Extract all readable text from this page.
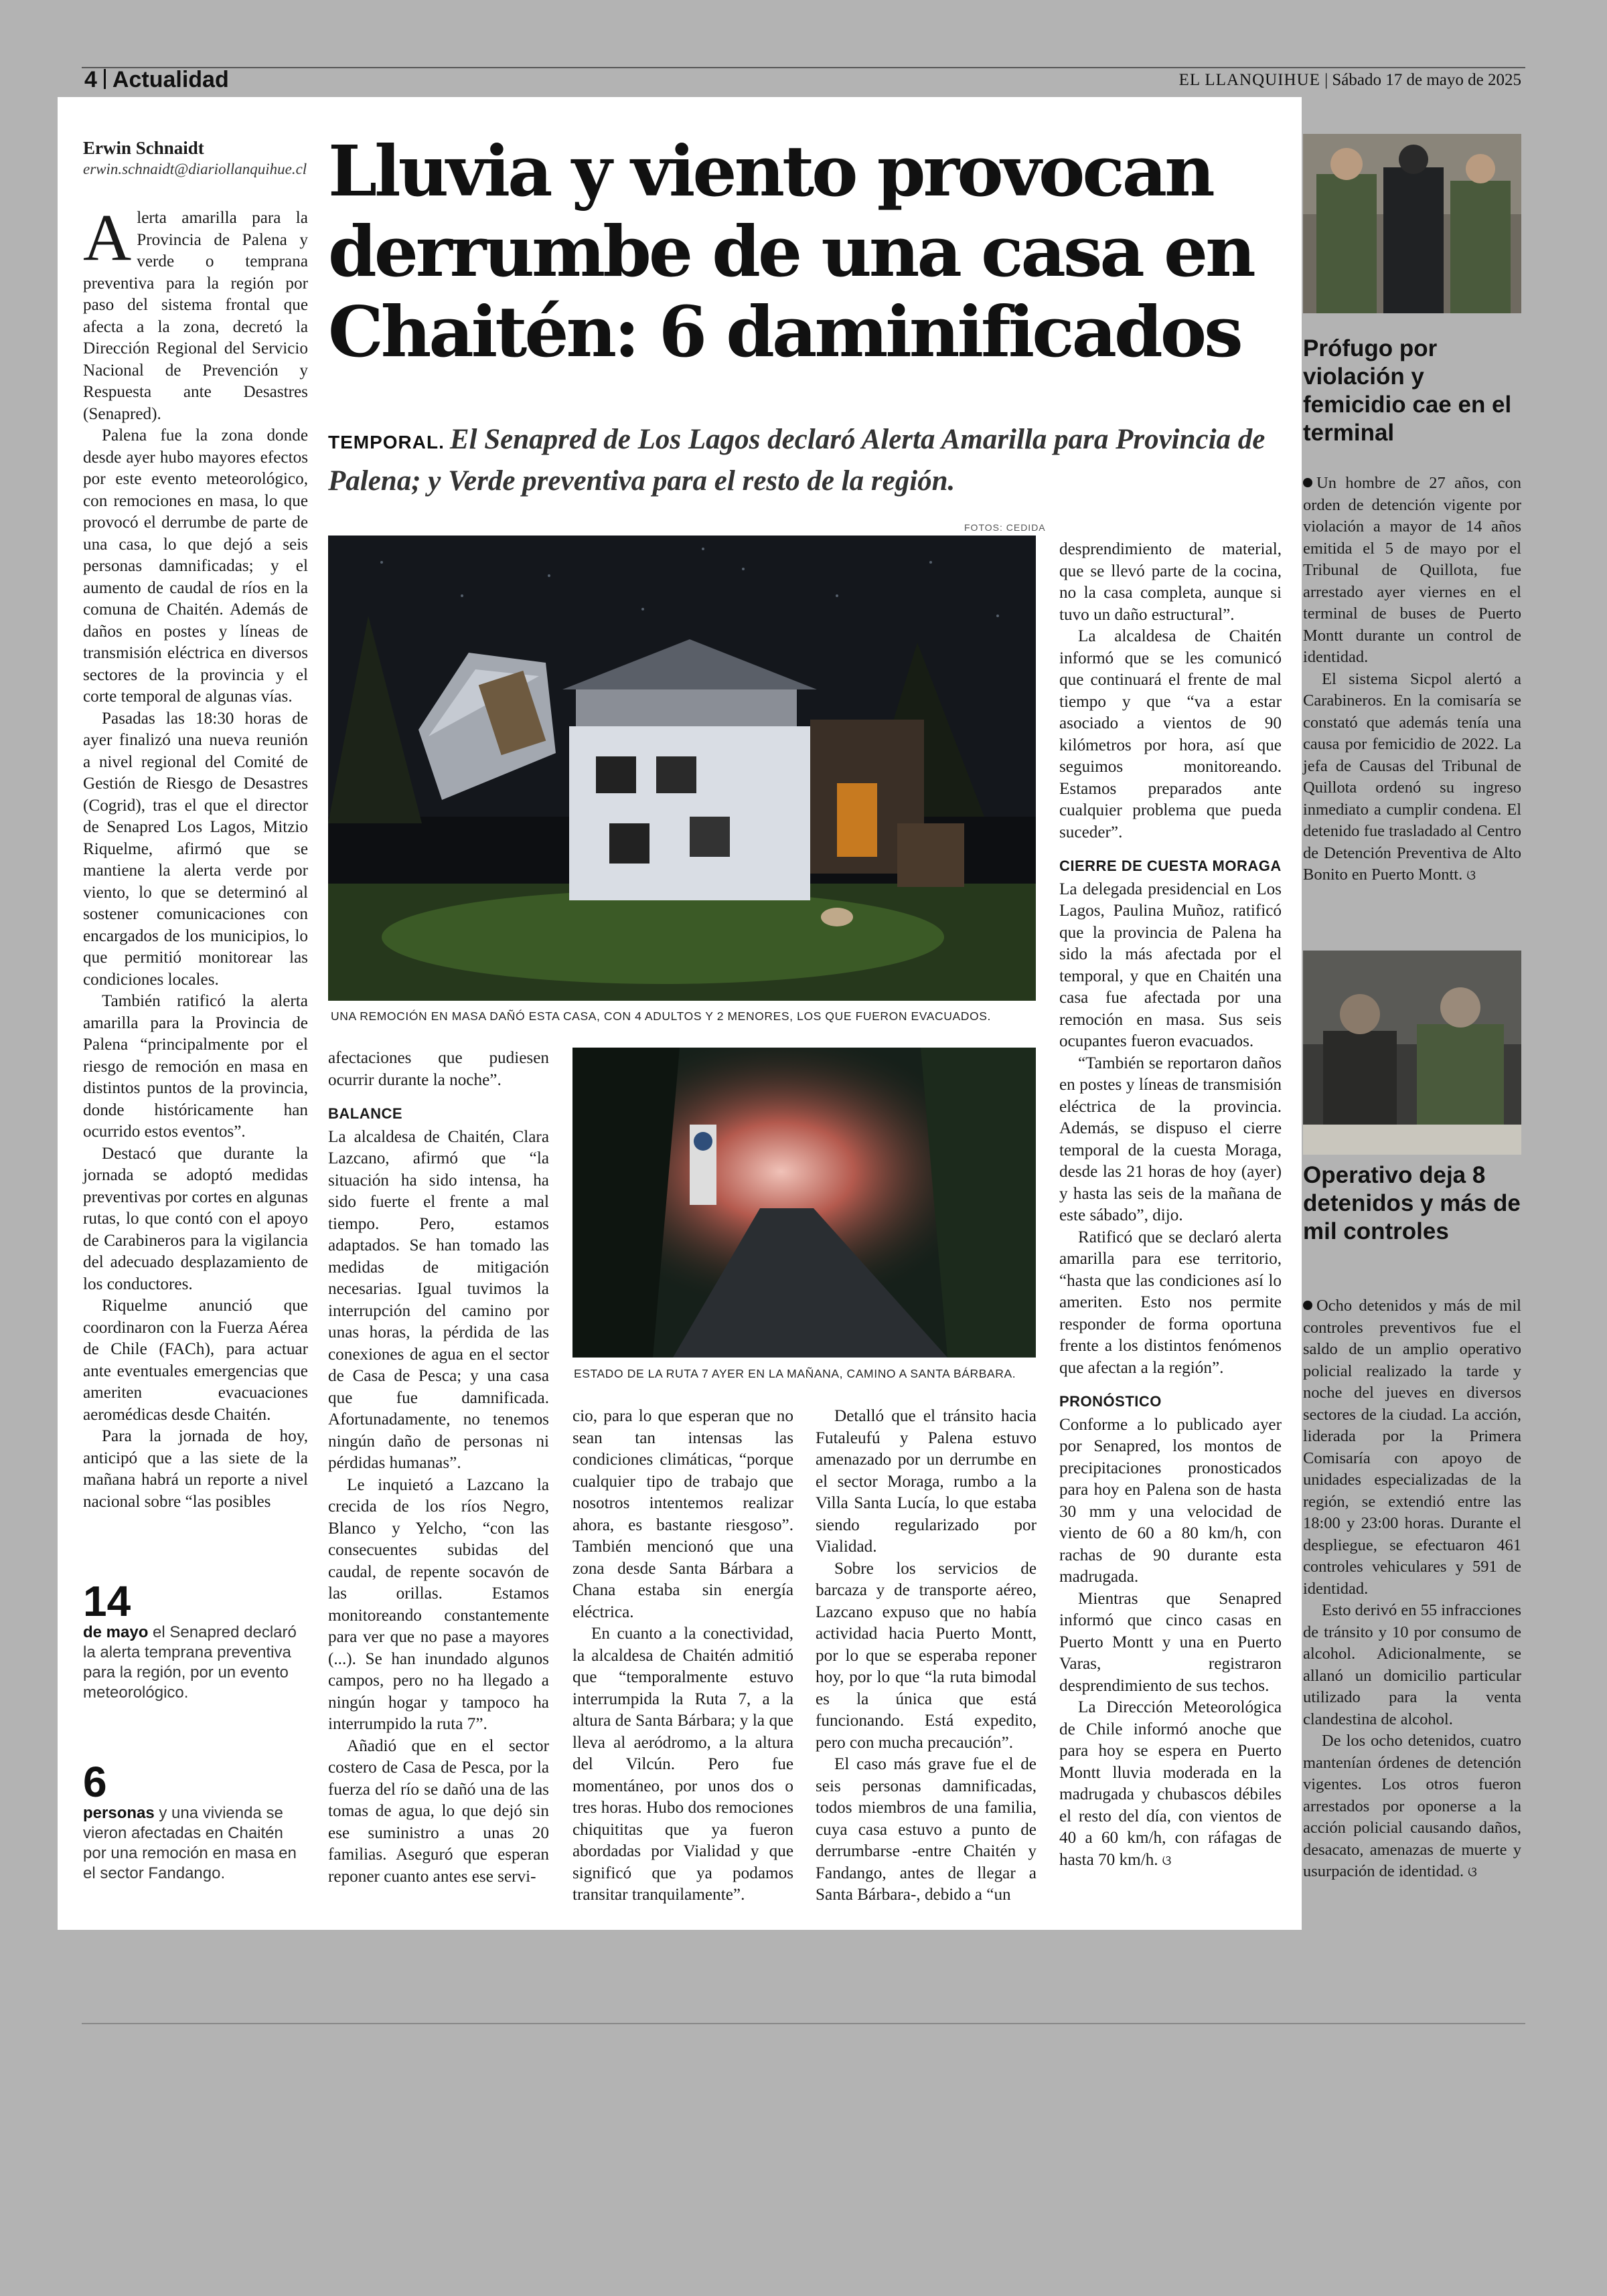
4 Actualidad	EL LLANQUIHUE | Sábado 17 de mayo de 2025
Erwin Schnaidt
erwin.schnaidt@diariollanquihue.cl Lluvia y viento provocan derrumbe de una casa en Chaitén: 6 daminificados
TEMPORAL. El Senapred de Los Lagos declaró Alerta Amarilla para Provincia de Palena; y Verde preventiva para el resto de la región.
FOTOS: CEDIDA

Alerta amarilla para la Provincia de Palena y verde o temprana preventiva para la región por paso del sistema frontal que afecta a la zona, decretó la Dirección Regional del Servicio Nacional de Prevención y Respuesta ante Desastres (Senapred).

Palena fue la zona donde desde ayer hubo mayores efectos por este evento meteorológico, con remociones en masa, lo que provocó el derrumbe de parte de una casa, lo que dejó a seis personas damnificadas; y el aumento de caudal de ríos en la comuna de Chaitén. Además de daños en postes y líneas de transmisión eléctrica en diversos sectores de la provincia y el corte temporal de algunas vías.

Pasadas las 18:30 horas de ayer finalizó una nueva reunión a nivel regional del Comité de Gestión de Riesgo de Desastres (Cogrid), tras el que el director de Senapred Los Lagos, Mitzio Riquelme, afirmó que se mantiene la alerta verde por viento, lo que se determinó al sostener comunicaciones con encargados de los municipios, lo que permitió monitorear las condiciones locales.

También ratificó la alerta amarilla para la Provincia de Palena “principalmente por el riesgo de remoción en masa en distintos puntos de la provincia, donde históricamente han ocurrido estos eventos”.

Destacó que durante la jornada se adoptó medidas preventivas por cortes en algunas rutas, lo que contó con el apoyo de Carabineros para la vigilancia del adecuado desplazamiento de los conductores.

Riquelme anunció que coordinaron con la Fuerza Aérea de Chile (FACh), para actuar ante eventuales emergencias que ameriten evacuaciones aeromédicas desde Chaitén.

Para la jornada de hoy, anticipó que a las siete de la mañana habrá un reporte a nivel nacional sobre “las posibles

14
de mayo el Senapred declaró la alerta temprana preventiva para la región, por un evento meteorológico.
6
personas y una vivienda se vieron afectadas en Chaitén por una remoción en masa en el sector Fandango.
UNA REMOCIÓN EN MASA DAÑÓ ESTA CASA, CON 4 ADULTOS Y 2 MENORES, LOS QUE FUERON EVACUADOS.

afectaciones que pudiesen ocurrir durante la noche”.

BALANCE

La alcaldesa de Chaitén, Clara Lazcano, afirmó que “la situación ha sido intensa, ha sido fuerte el frente a mal tiempo. Pero, estamos adaptados. Se han tomado las medidas de mitigación necesarias. Igual tuvimos la interrupción del camino por unas horas, la pérdida de las conexiones de agua en el sector de Casa de Pesca; y una casa que fue damnificada. Afortunadamente, no tenemos ningún daño de personas ni pérdidas humanas”.

Le inquietó a Lazcano la crecida de los ríos Negro, Blanco y Yelcho, “con las consecuentes subidas del caudal, de repente socavón de las orillas. Estamos monitoreando constantemente para ver que no pase a mayores (...). Se han inundado algunos campos, pero no ha llegado a ningún hogar y tampoco ha interrumpido la ruta 7”.

Añadió que en el sector costero de Casa de Pesca, por la fuerza del río se dañó una de las tomas de agua, lo que dejó sin ese suministro a unas 20 familias. Aseguró que esperan reponer cuanto antes ese servi-

ESTADO DE LA RUTA 7 AYER EN LA MAÑANA, CAMINO A SANTA BÁRBARA.

cio, para lo que esperan que no sean tan intensas las condiciones climáticas, “porque cualquier tipo de trabajo que nosotros intentemos realizar ahora, es bastante riesgoso”. También mencionó que una zona desde Santa Bárbara a Chana estaba sin energía eléctrica.

En cuanto a la conectividad, la alcaldesa de Chaitén admitió que “temporalmente estuvo interrumpida la Ruta 7, a la altura de Santa Bárbara; y la que lleva al aeródromo, a la altura del Vilcún. Pero fue momentáneo, por unos dos o tres horas. Hubo dos remociones chiquititas que ya fueron abordadas por Vialidad y que significó que ya podamos transitar tranquilamente”.

Detalló que el tránsito hacia Futaleufú y Palena estuvo amenazado por un derrumbe en el sector Moraga, rumbo a la Villa Santa Lucía, lo que estaba siendo regularizado por Vialidad.

Sobre los servicios de barcaza y de transporte aéreo, Lazcano expuso que no había actividad hacia Puerto Montt, por lo que se esperaba reponer hoy, por lo que “la ruta bimodal es la única que está funcionando. Está expedito, pero con mucha precaución”.

El caso más grave fue el de seis personas damnificadas, todos miembros de una familia, cuya casa estuvo a punto de derrumbarse -entre Chaitén y Fandango, antes de llegar a Santa Bárbara-, debido a “un

desprendimiento de material, que se llevó parte de la cocina, no la casa completa, aunque si tuvo un daño estructural”.

La alcaldesa de Chaitén informó que se les comunicó que continuará el frente de mal tiempo y que “va a estar asociado a vientos de 90 kilómetros por hora, así que seguimos monitoreando. Estamos preparados ante cualquier problema que pueda suceder”.

CIERRE DE CUESTA MORAGA

La delegada presidencial en Los Lagos, Paulina Muñoz, ratificó que la provincia de Palena ha sido la más afectada por el temporal, y que en Chaitén una casa fue afectada por una remoción en masa. Sus seis ocupantes fueron evacuados.

“También se reportaron daños en postes y líneas de transmisión eléctrica de la provincia. Además, se dispuso el cierre temporal de la cuesta Moraga, desde las 21 horas de hoy (ayer) y hasta las seis de la mañana de este sábado”, dijo.

Ratificó que se declaró alerta amarilla para ese territorio, “hasta que las condiciones así lo ameriten. Esto nos permite responder de forma oportuna frente a los distintos fenómenos que afectan a la región”.

PRONÓSTICO

Conforme a lo publicado ayer por Senapred, los montos de precipitaciones pronosticados para hoy en Palena son de hasta 30 mm y una velocidad de viento de 60 a 80 km/h, con rachas de 90 durante esta madrugada.

Mientras que Senapred informó que cinco casas en Puerto Montt y una en Puerto Varas, registraron desprendimiento de sus techos.

La Dirección Meteorológica de Chile informó anoche que para hoy se espera en Puerto Montt lluvia moderada en la madrugada y chubascos débiles el resto del día, con vientos de 40 a 60 km/h, con ráfagas de hasta 70 km/h. ଓ

Prófugo por violación y femicidio cae en el terminal

Un hombre de 27 años, con orden de detención vigente por violación a mayor de 14 años emitida el 5 de mayo por el Tribunal de Quillota, fue arrestado ayer viernes en el terminal de buses de Puerto Montt durante un control de identidad.

El sistema Sicpol alertó a Carabineros. En la comisaría se constató que además tenía una causa por femicidio de 2022. La jefa de Causas del Tribunal de Quillota ordenó su ingreso inmediato a cumplir condena. El detenido fue trasladado al Centro de Detención Preventiva de Alto Bonito en Puerto Montt. ଓ

Operativo deja 8 detenidos y más de mil controles

Ocho detenidos y más de mil controles preventivos fue el saldo de un amplio operativo policial realizado la tarde y noche del jueves en diversos sectores de la ciudad. La acción, liderada por la Primera Comisaría con apoyo de unidades especializadas de la región, se extendió entre las 18:00 y 23:00 horas. Durante el despliegue, se efectuaron 461 controles vehiculares y 591 de identidad.

Esto derivó en 55 infracciones de tránsito y 10 por consumo de alcohol. Adicionalmente, se allanó un domicilio particular utilizado para la venta clandestina de alcohol.

De los ocho detenidos, cuatro mantenían órdenes de detención vigentes. Los otros fueron arrestados por oponerse a la acción policial causando daños, desacato, amenazas de muerte y usurpación de identidad. ଓ
